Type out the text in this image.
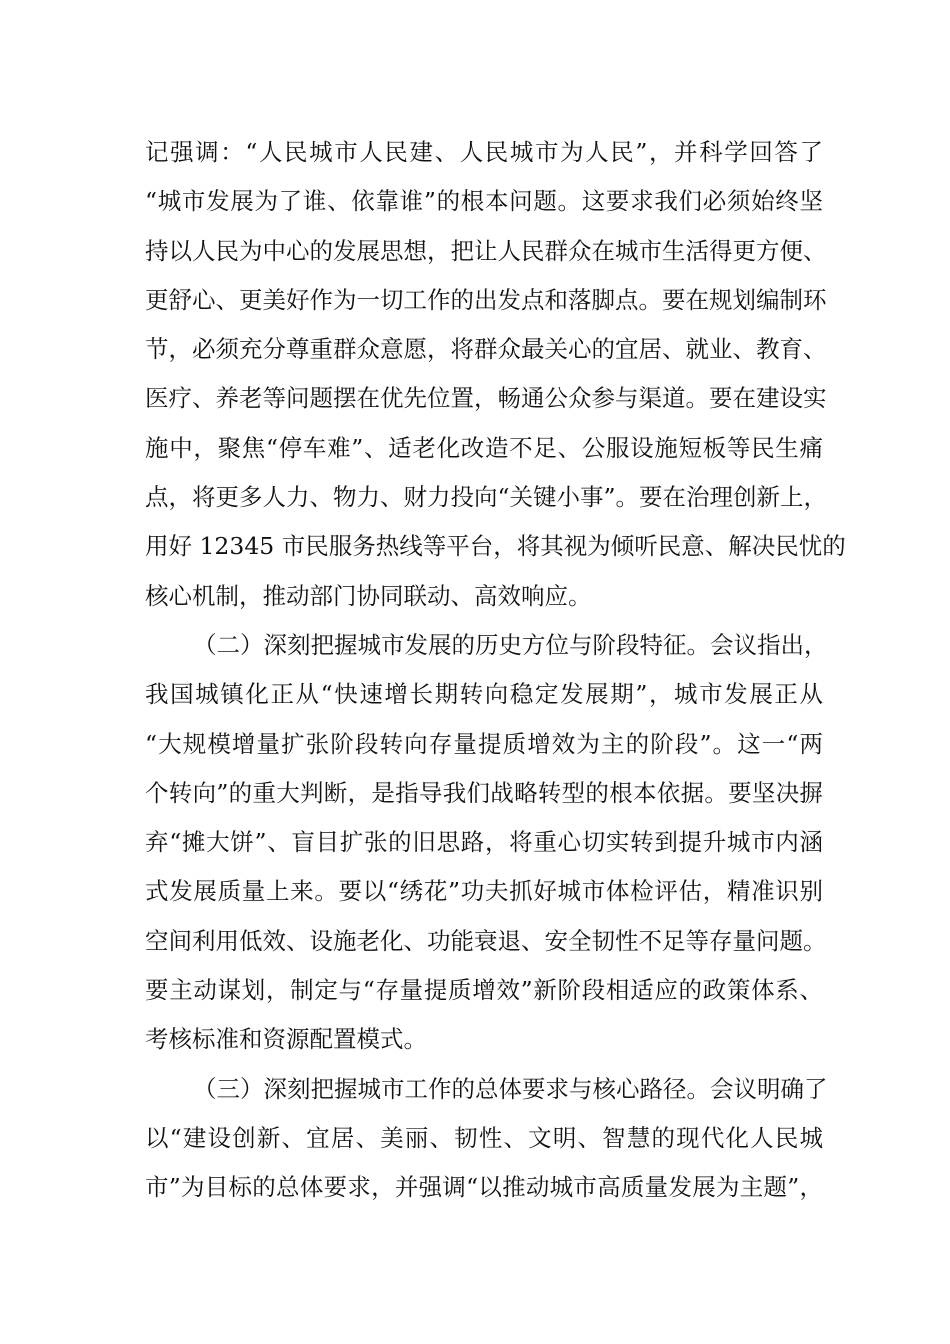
记强调：“人民城市人民建、人民城市为人民”，并科学回答了
“城市发展为了谁、依靠谁”的根本问题。这要求我们必须始终坚
持以人民为中心的发展思想，把让人民群众在城市生活得更方便、
更舒心、更美好作为一切工作的出发点和落脚点。要在规划编制环
节，必须充分尊重群众意愿，将群众最关心的宜居、就业、教育、
医疗、养老等问题摆在优先位置，畅通公众参与渠道。要在建设实
施中，聚焦“停车难”、适老化改造不足、公服设施短板等民生痛
点，将更多人力、物力、财力投向“关键小事”。要在治理创新上，
用好 12345 市民服务热线等平台，将其视为倾听民意、解决民忧的
核心机制，推动部门协同联动、高效响应。
（二）深刻把握城市发展的历史方位与阶段特征。会议指出，
我国城镇化正从“快速增长期转向稳定发展期”，城市发展正从
“大规模增量扩张阶段转向存量提质增效为主的阶段”。这一“两
个转向”的重大判断，是指导我们战略转型的根本依据。要坚决摒
弃“摊大饼”、盲目扩张的旧思路，将重心切实转到提升城市内涵
式发展质量上来。要以“绣花”功夫抓好城市体检评估，精准识别
空间利用低效、设施老化、功能衰退、安全韧性不足等存量问题。
要主动谋划，制定与“存量提质增效”新阶段相适应的政策体系、
考核标准和资源配置模式。
（三）深刻把握城市工作的总体要求与核心路径。会议明确了
以“建设创新、宜居、美丽、韧性、文明、智慧的现代化人民城
市”为目标的总体要求，并强调“以推动城市高质量发展为主题”，
